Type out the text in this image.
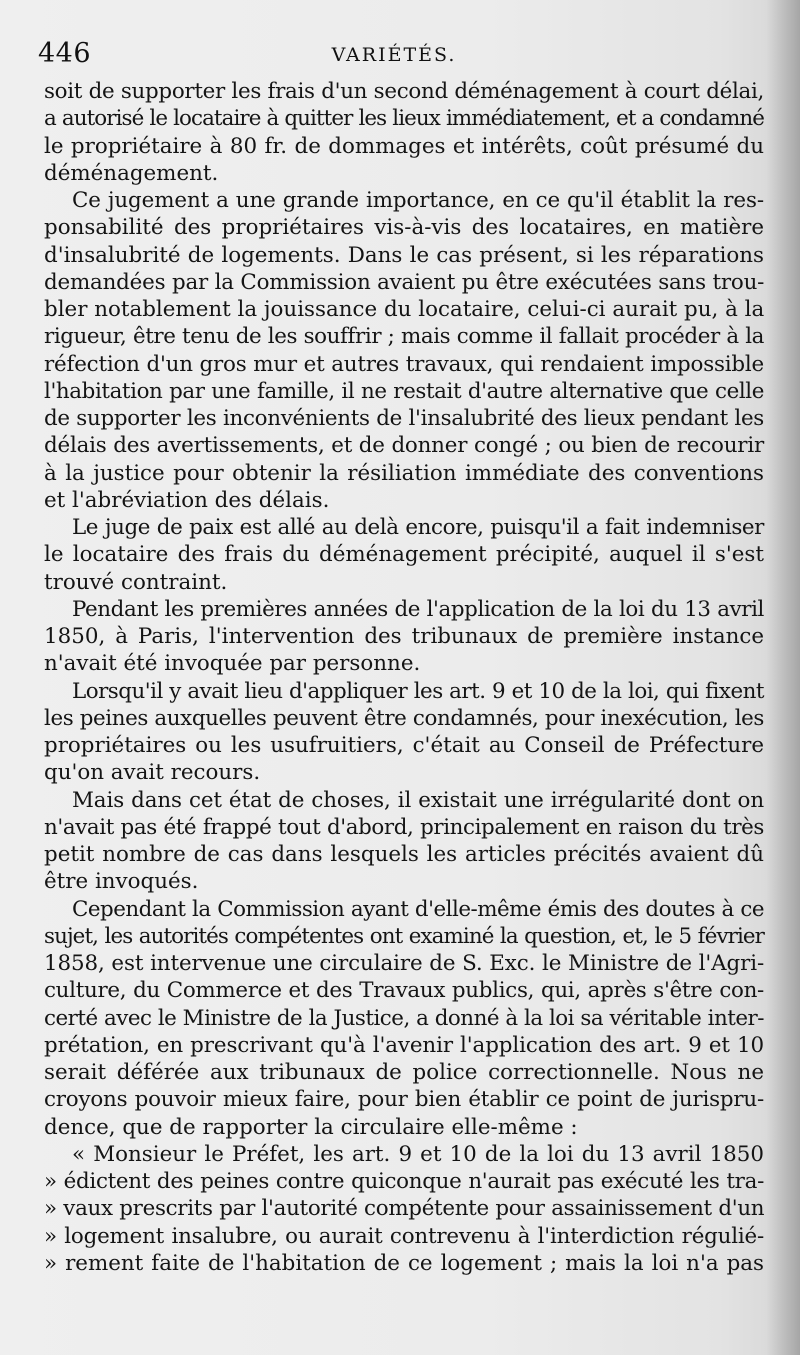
446	VARIÉTÉS.
soit de supporter les frais d'un second déménagement à court délai,
a autorisé le locataire à quitter les lieux immédiatement, et a condamné
le propriétaire à 80 fr. de dommages et intérêts, coût présumé du
déménagement.
Ce jugement a une grande importance, en ce qu'il établit la res-
ponsabilité des propriétaires vis-à-vis des locataires, en matière
d'insalubrité de logements. Dans le cas présent, si les réparations
demandées par la Commission avaient pu être exécutées sans trou-
bler notablement la jouissance du locataire, celui-ci aurait pu, à la
rigueur, être tenu de les souffrir ; mais comme il fallait procéder à la
réfection d'un gros mur et autres travaux, qui rendaient impossible
l'habitation par une famille, il ne restait d'autre alternative que celle
de supporter les inconvénients de l'insalubrité des lieux pendant les
délais des avertissements, et de donner congé ; ou bien de recourir
à la justice pour obtenir la résiliation immédiate des conventions
et l'abréviation des délais.
Le juge de paix est allé au delà encore, puisqu'il a fait indemniser
le locataire des frais du déménagement précipité, auquel il s'est
trouvé contraint.
Pendant les premières années de l'application de la loi du 13 avril
1850, à Paris, l'intervention des tribunaux de première instance
n'avait été invoquée par personne.
Lorsqu'il y avait lieu d'appliquer les art. 9 et 10 de la loi, qui fixent
les peines auxquelles peuvent être condamnés, pour inexécution, les
propriétaires ou les usufruitiers, c'était au Conseil de Préfecture
qu'on avait recours.
Mais dans cet état de choses, il existait une irrégularité dont on
n'avait pas été frappé tout d'abord, principalement en raison du très
petit nombre de cas dans lesquels les articles précités avaient dû
être invoqués.
Cependant la Commission ayant d'elle-même émis des doutes à ce
sujet, les autorités compétentes ont examiné la question, et, le 5 février
1858, est intervenue une circulaire de S. Exc. le Ministre de l'Agri-
culture, du Commerce et des Travaux publics, qui, après s'être con-
certé avec le Ministre de la Justice, a donné à la loi sa véritable inter-
prétation, en prescrivant qu'à l'avenir l'application des art. 9 et 10
serait déférée aux tribunaux de police correctionnelle. Nous ne
croyons pouvoir mieux faire, pour bien établir ce point de jurispru-
dence, que de rapporter la circulaire elle-même :
« Monsieur le Préfet, les art. 9 et 10 de la loi du 13 avril 1850
» édictent des peines contre quiconque n'aurait pas exécuté les tra-
» vaux prescrits par l'autorité compétente pour assainissement d'un
» logement insalubre, ou aurait contrevenu à l'interdiction régulié-
» rement faite de l'habitation de ce logement ; mais la loi n'a pas
